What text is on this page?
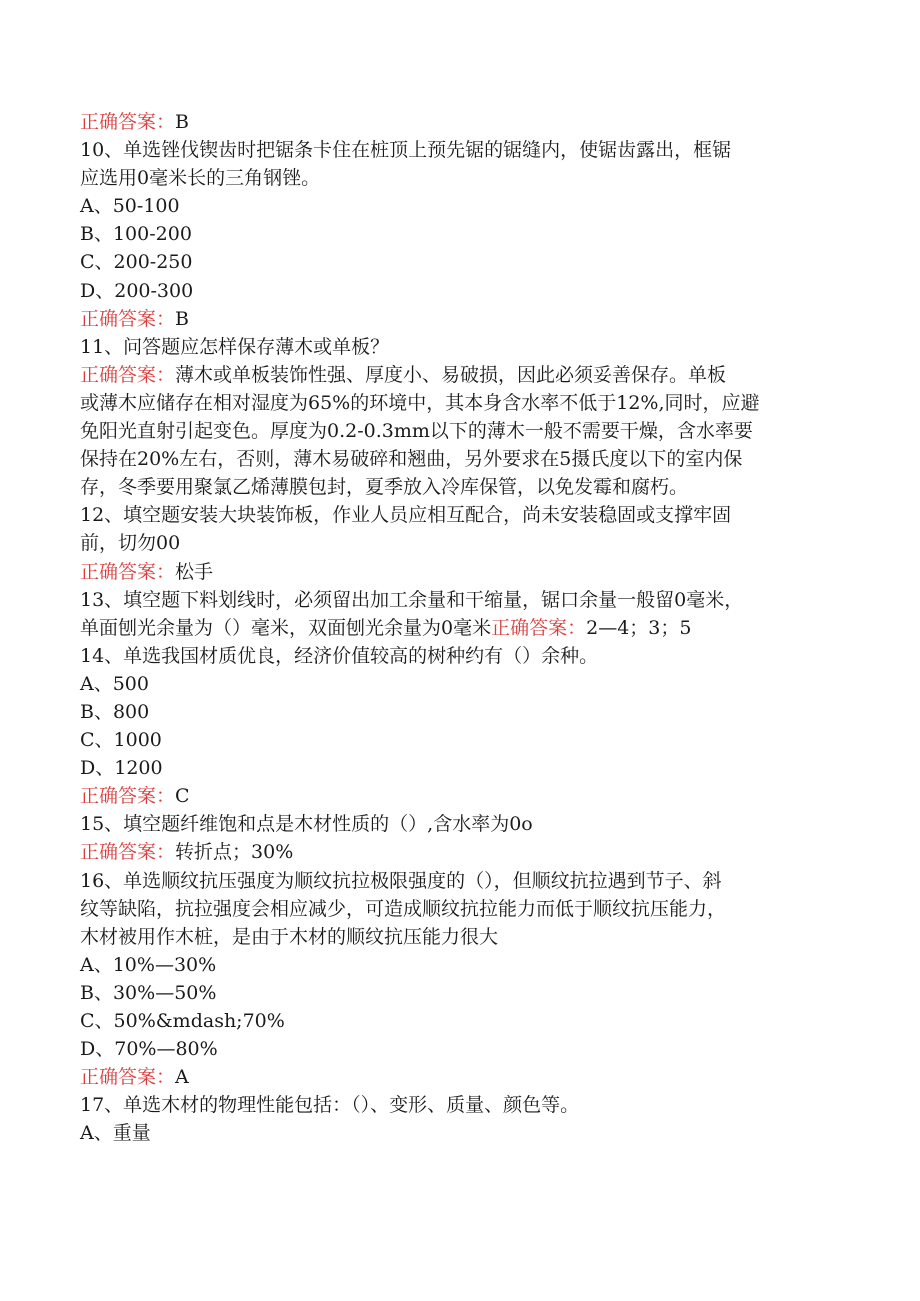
正确答案：B
10、单选锉伐锲齿时把锯条卡住在桩顶上预先锯的锯缝内，使锯齿露出，框锯
应选用0毫米长的三角钢锉。
A、50-100
B、100-200
C、200-250
D、200-300
正确答案：B
11、问答题应怎样保存薄木或单板？
正确答案：薄木或单板装饰性强、厚度小、易破损，因此必须妥善保存。单板
或薄木应储存在相对湿度为65%的环境中，其本身含水率不低于12%,同时，应避
免阳光直射引起变色。厚度为0.2-0.3mm以下的薄木一般不需要干燥，含水率要
保持在20%左右，否则，薄木易破碎和翘曲，另外要求在5摄氏度以下的室内保
存，冬季要用聚氯乙烯薄膜包封，夏季放入冷库保管，以免发霉和腐朽。
12、填空题安装大块装饰板，作业人员应相互配合，尚未安装稳固或支撑牢固
前，切勿00
正确答案：松手
13、填空题下料划线时，必须留出加工余量和干缩量，锯口余量一般留0毫米，
单面刨光余量为（）毫米，双面刨光余量为0毫米正确答案：2—4；3；5
14、单选我国材质优良，经济价值较高的树种约有（）余种。
A、500
B、800
C、1000
D、1200
正确答案：C
15、填空题纤维饱和点是木材性质的（）,含水率为0o
正确答案：转折点；30%
16、单选顺纹抗压强度为顺纹抗拉极限强度的（），但顺纹抗拉遇到节子、斜
纹等缺陷，抗拉强度会相应减少，可造成顺纹抗拉能力而低于顺纹抗压能力，
木材被用作木桩，是由于木材的顺纹抗压能力很大
A、10%—30%
B、30%—50%
C、50%&mdash;70%
D、70%—80%
正确答案：A
17、单选木材的物理性能包括：（）、变形、质量、颜色等。
A、重量
